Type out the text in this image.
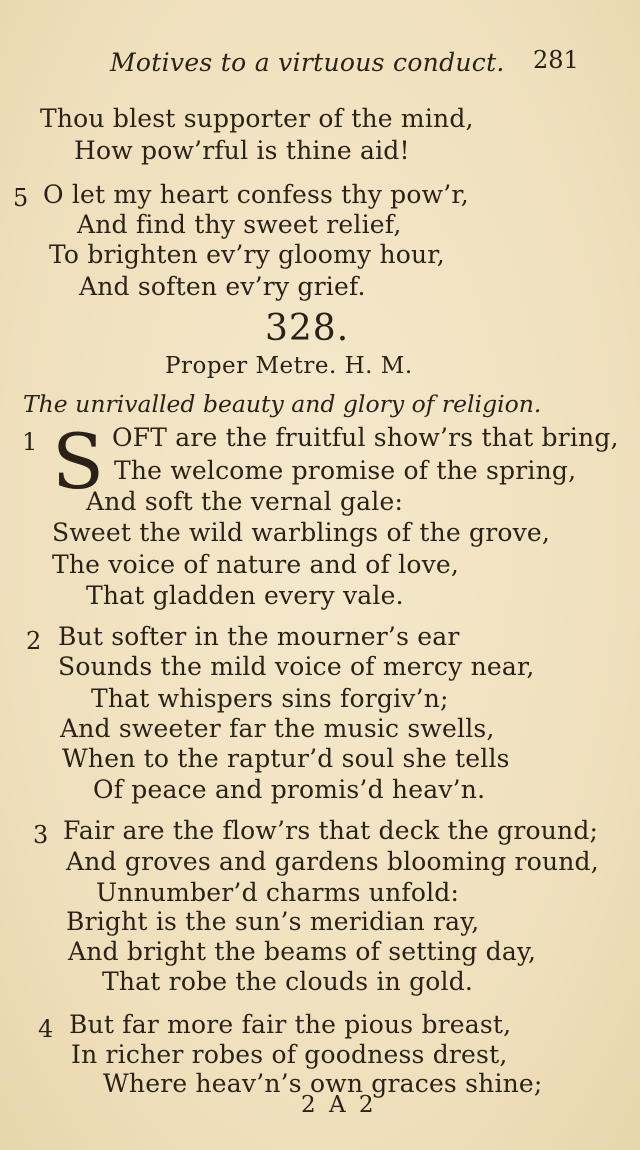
Motives to a virtuous conduct. 281
Thou blest supporter of the mind,
How pow’rful is thine aid!
5 O let my heart confess thy pow’r,
And find thy sweet relief,
To brighten ev’ry gloomy hour,
And soften ev’ry grief.
328.
Proper Metre. H. M.
The unrivalled beauty and glory of religion.
1 S OFT are the fruitful show’rs that bring,
The welcome promise of the spring,
And soft the vernal gale:
Sweet the wild warblings of the grove,
The voice of nature and of love,
That gladden every vale.
2 But softer in the mourner’s ear
Sounds the mild voice of mercy near,
That whispers sins forgiv’n;
And sweeter far the music swells,
When to the raptur’d soul she tells
Of peace and promis’d heav’n.
3 Fair are the flow’rs that deck the ground;
And groves and gardens blooming round,
Unnumber’d charms unfold:
Bright is the sun’s meridian ray,
And bright the beams of setting day,
That robe the clouds in gold.
4 But far more fair the pious breast,
In richer robes of goodness drest,
Where heav’n’s own graces shine;
2 A 2
